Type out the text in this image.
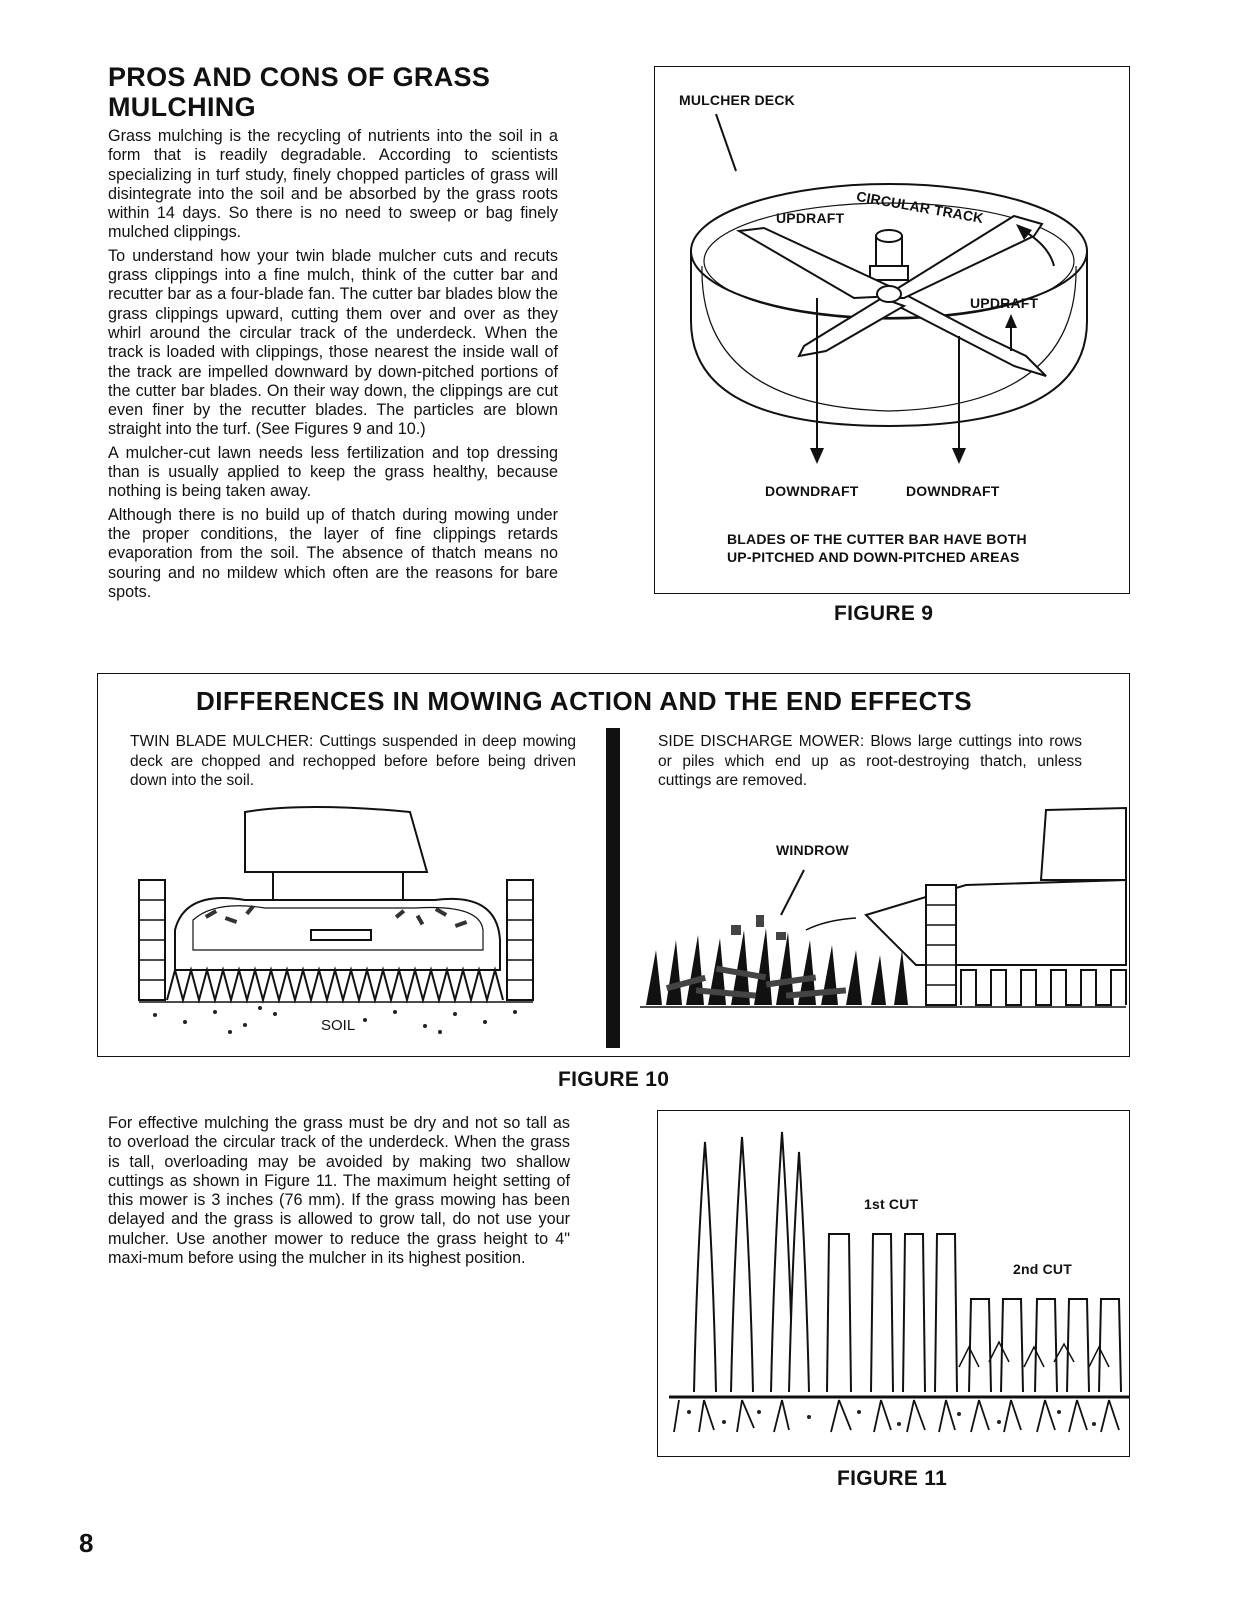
PROS AND CONS OF GRASS
MULCHING

Grass mulching is the recycling of nutrients into the soil in a form that is readily degradable. According to scientists specializing in turf study, finely chopped particles of grass will disintegrate into the soil and be absorbed by the grass roots within 14 days. So there is no need to sweep or bag finely mulched clippings.

To understand how your twin blade mulcher cuts and recuts grass clippings into a fine mulch, think of the cutter bar and recutter bar as a four-blade fan. The cutter bar blades blow the grass clippings upward, cutting them over and over as they whirl around the circular track of the underdeck. When the track is loaded with clippings, those nearest the inside wall of the track are impelled downward by down-pitched portions of the cutter bar blades. On their way down, the clippings are cut even finer by the recutter blades. The particles are blown straight into the turf. (See Figures 9 and 10.)

A mulcher-cut lawn needs less fertilization and top dressing than is usually applied to keep the grass healthy, because nothing is being taken away.

Although there is no build up of thatch during mowing under the proper conditions, the layer of fine clippings retards evaporation from the soil. The absence of thatch means no souring and no mildew which often are the reasons for bare spots.

MULCHER DECK
CIRCULAR TRACK
UPDRAFT
UPDRAFT
DOWNDRAFT	DOWNDRAFT
BLADES OF THE CUTTER BAR HAVE BOTH
UP-PITCHED AND DOWN-PITCHED AREAS
FIGURE 9
DIFFERENCES IN MOWING ACTION AND THE END EFFECTS
TWIN BLADE MULCHER: Cuttings suspended in deep mowing deck are chopped and rechopped before before being driven down into the soil.
SIDE DISCHARGE MOWER: Blows large cuttings into rows or piles which end up as root-destroying thatch, unless cuttings are removed.
SOIL
WINDROW
FIGURE 10

For effective mulching the grass must be dry and not so tall as to overload the circular track of the underdeck. When the grass is tall, overloading may be avoided by making two shallow cuttings as shown in Figure 11. The maximum height setting of this mower is 3 inches (76 mm). If the grass mowing has been delayed and the grass is allowed to grow tall, do not use your mulcher. Use another mower to reduce the grass height to 4" maxi-mum before using the mulcher in its highest position.

1st CUT
2nd CUT
FIGURE 11
8
